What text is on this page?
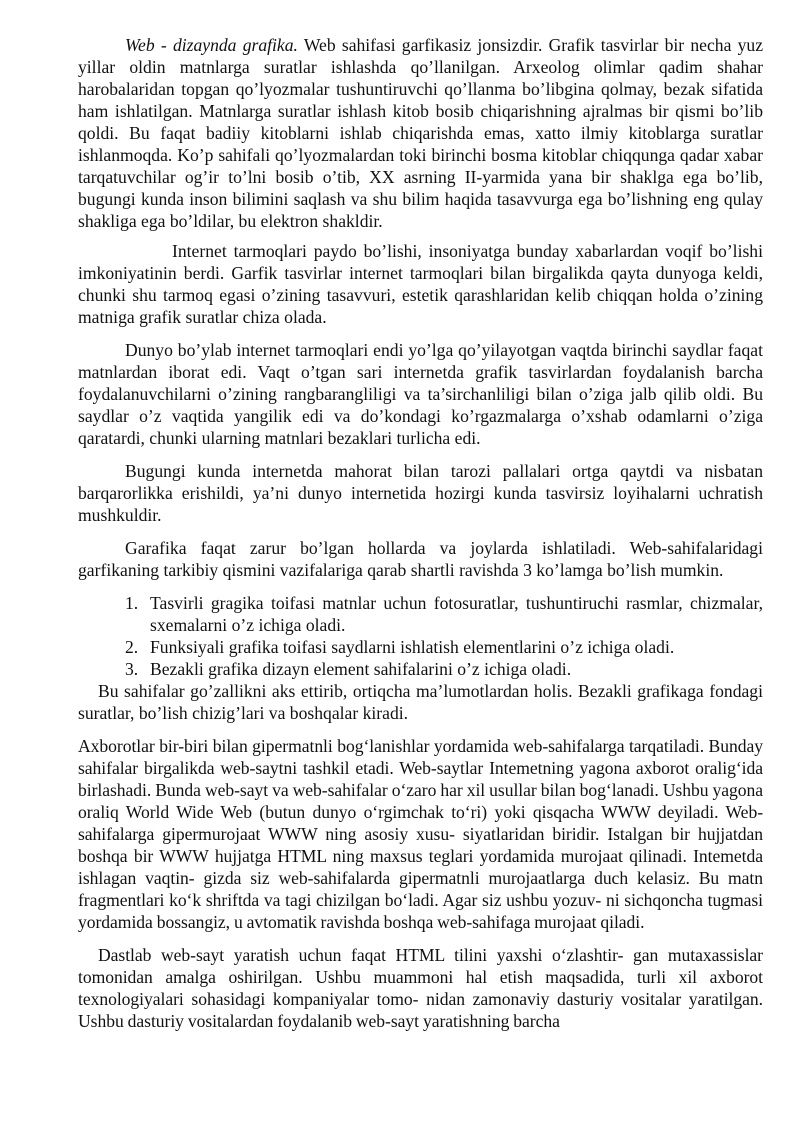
Web - dizaynda grafika. Web sahifasi garfikasiz jonsizdir. Grafik tasvirlar bir necha yuz yillar oldin matnlarga suratlar ishlashda qo’llanilgan. Arxeolog olimlar qadim shahar harobalaridan topgan qo’lyozmalar tushuntiruvchi qo’llanma bo’libgina qolmay, bezak sifatida ham ishlatilgan. Matnlarga suratlar ishlash kitob bosib chiqarishning ajralmas bir qismi bo’lib qoldi. Bu faqat badiiy kitoblarni ishlab chiqarishda emas, xatto ilmiy kitoblarga suratlar ishlanmoqda. Ko’p sahifali qo’lyozmalardan toki birinchi bosma kitoblar chiqqunga qadar xabar tarqatuvchilar og’ir to’lni bosib o’tib, XX asrning II-yarmida yana bir shaklga ega bo’lib, bugungi kunda inson bilimini saqlash va shu bilim haqida tasavvurga ega bo’lishning eng qulay shakliga ega bo’ldilar, bu elektron shakldir.

Internet tarmoqlari paydo bo’lishi, insoniyatga bunday xabarlardan voqif bo’lishi imkoniyatinin berdi. Garfik tasvirlar internet tarmoqlari bilan birgalikda qayta dunyoga keldi, chunki shu tarmoq egasi o’zining tasavvuri, estetik qarashlaridan kelib chiqqan holda o’zining matniga grafik suratlar chiza olada.

Dunyo bo’ylab internet tarmoqlari endi yo’lga qo’yilayotgan vaqtda birinchi saydlar faqat matnlardan iborat edi. Vaqt o’tgan sari internetda grafik tasvirlardan foydalanish barcha foydalanuvchilarni o’zining rangbarangliligi va ta’sirchanliligi bilan o’ziga jalb qilib oldi. Bu saydlar o’z vaqtida yangilik edi va do’kondagi ko’rgazmalarga o’xshab odamlarni o’ziga qaratardi, chunki ularning matnlari bezaklari turlicha edi.

Bugungi kunda internetda mahorat bilan tarozi pallalari ortga qaytdi va nisbatan barqarorlikka erishildi, ya’ni dunyo internetida hozirgi kunda tasvirsiz loyihalarni uchratish mushkuldir.

Garafika faqat zarur bo’lgan hollarda va joylarda ishlatiladi. Web-sahifalaridagi garfikaning tarkibiy qismini vazifalariga qarab shartli ravishda 3 ko’lamga bo’lish mumkin.

1. Tasvirli gragika toifasi matnlar uchun fotosuratlar, tushuntiruchi rasmlar, chizmalar, sxemalarni o’z ichiga oladi.
2. Funksiyali grafika toifasi saydlarni ishlatish elementlarini o’z ichiga oladi.
3. Bezakli grafika dizayn element sahifalarini o’z ichiga oladi.

Bu sahifalar go’zallikni aks ettirib, ortiqcha ma’lumotlardan holis. Bezakli grafikaga fondagi suratlar, bo’lish chizig’lari va boshqalar kiradi.

Axborotlar bir-biri bilan gipermatnli bog‘lanishlar yordamida web-sahifalarga tarqatiladi. Bunday sahifalar birgalikda web-saytni tashkil etadi. Web-saytlar Intemetning yagona axborot oralig‘ida birlashadi. Bunda web-sayt va web-sahifalar o‘zaro har xil usullar bilan bog‘lanadi. Ushbu yagona oraliq World Wide Web (butun dunyo o‘rgimchak to‘ri) yoki qisqacha WWW deyiladi. Web-sahifalarga gipermurojaat WWW ning asosiy xusu- siyatlaridan biridir. Istalgan bir hujjatdan boshqa bir WWW hujjatga HTML ning maxsus teglari yordamida murojaat qilinadi. Intemetda ishlagan vaqtin- gizda siz web-sahifalarda gipermatnli murojaatlarga duch kelasiz. Bu matn fragmentlari ko‘k shriftda va tagi chizilgan bo‘ladi. Agar siz ushbu yozuv- ni sichqoncha tugmasi yordamida bossangiz, u avtomatik ravishda boshqa web-sahifaga murojaat qiladi.

Dastlab web-sayt yaratish uchun faqat HTML tilini yaxshi o‘zlashtir- gan mutaxassislar tomonidan amalga oshirilgan. Ushbu muammoni hal etish maqsadida, turli xil axborot texnologiyalari sohasidagi kompaniyalar tomo- nidan zamonaviy dasturiy vositalar yaratilgan. Ushbu dasturiy vositalardan foydalanib web-sayt yaratishning barcha
